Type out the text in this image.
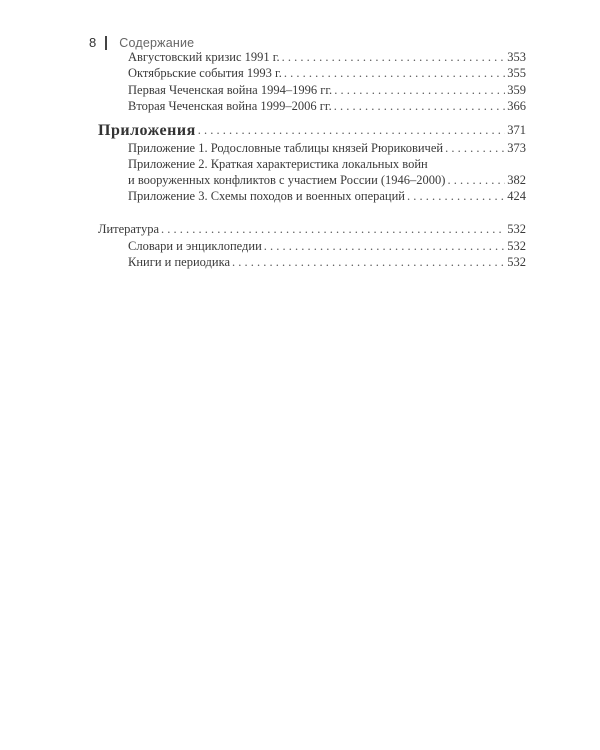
8 Содержание
Августовский кризис 1991 г. . . .	353
Октябрьские события 1993 г. . . .	355
Первая Чеченская война 1994–1996 гг. . . .	359
Вторая Чеченская война 1999–2006 гг. . . .	366
Приложения . . .	371
Приложение 1. Родословные таблицы князей Рюриковичей . . .	373
Приложение 2. Краткая характеристика локальных войн
и вооруженных конфликтов с участием России (1946–2000) . . .	382
Приложение 3. Схемы походов и военных операций . . .	424
Литература . . .	532
Словари и энциклопедии . . .	532
Книги и периодика . . .	532
